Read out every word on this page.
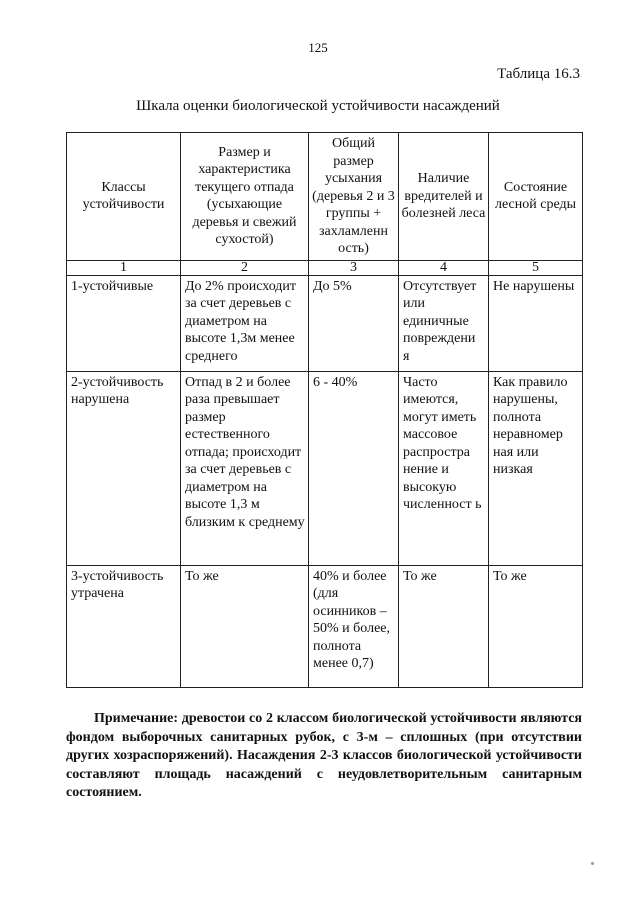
125
Таблица 16.3
Шкала оценки биологической устойчивости насаждений
Классы устойчивости	Размер и характеристика текущего отпада (усыхающие деревья и свежий сухостой)	Общий размер усыхания (деревья 2 и 3 группы + захламленн ость)	Наличие вредителей и болезней леса	Состояние лесной среды
1	2	3	4	5
1-устойчивые	До 2% происходит за счет деревьев с диаметром на высоте 1,3м менее среднего	До 5%	Отсутствует или единичные повреждени я	Не нарушены
2-устойчивость нарушена	Отпад в 2 и более раза превышает размер естественного отпада; происходит за счет деревьев с диаметром на высоте 1,3 м близким к среднему	6 - 40%	Часто имеются, могут иметь массовое распростра нение и высокую численност ь	Как правило нарушены, полнота неравномер ная или низкая
3-устойчивость утрачена	То же	40% и более (для осинников – 50% и более, полнота менее 0,7)	То же	То же
Примечание: древостои со 2 классом биологической устойчивости являются фондом выборочных санитарных рубок, с 3-м – сплошных (при отсутствии других хозраспоряжений). Насаждения 2-3 классов биологической устойчивости составляют площадь насаждений с неудовлетворительным санитарным состоянием.
